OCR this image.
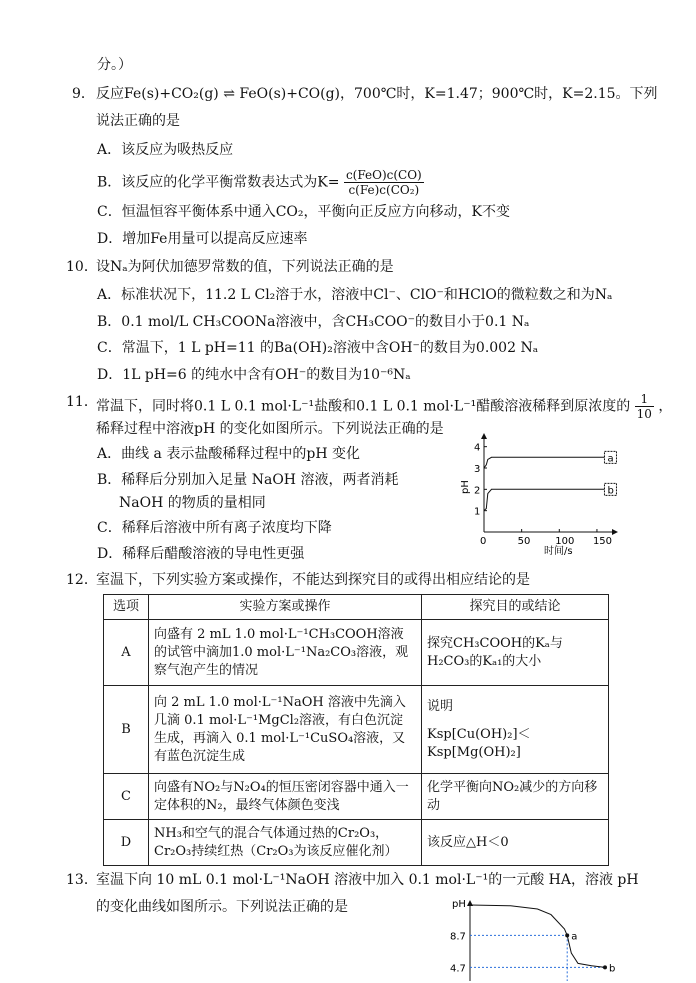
分。）
9． 反应Fe(s)+CO₂(g) ⇌ FeO(s)+CO(g)，700℃时，K=1.47；900℃时，K=2.15。下列
说法正确的是
A．该反应为吸热反应
B．该反应的化学平衡常数表达式为$K= \frac{\text{c(FeO)c(CO)}}{\text{c(Fe)c(CO₂)}}$
C．恒温恒容平衡体系中通入CO₂，平衡向正反应方向移动，K不变
D．增加Fe用量可以提高反应速率
10．
设Nₐ为阿伏加德罗常数的值，下列说法正确的是
A．标准状况下，11.2 L Cl₂溶于水，溶液中Cl⁻、ClO⁻和HClO的微粒数之和为Nₐ
B．0.1 mol/L CH₃COONa溶液中，含CH₃COO⁻的数目小于0.1 Nₐ
C．常温下，1 L pH=11 的Ba(OH)₂溶液中含OH⁻的数目为0.002 Nₐ
D．1L pH=6 的纯水中含有OH⁻的数目为10⁻⁶Nₐ
11．
常温下，同时将0.1 L 0.1 mol·L⁻¹盐酸和0.1 L 0.1 mol·L⁻¹醋酸溶液稀释到原浓度的 $\frac{1}{10}$ ，
稀释过程中溶液pH 的变化如图所示。下列说法正确的是
A．曲线 a 表示盐酸稀释过程中的pH 变化
B．稀释后分别加入足量 NaOH 溶液，两者消耗
NaOH 的物质的量相同
C．稀释后溶液中所有离子浓度均下降
D．稀释后醋酸溶液的导电性更强
pH
时间/s
0	50 100 150
1
2
3
4
a
b
12．
室温下，下列实验方案或操作，不能达到探究目的或得出相应结论的是
选项	实验方案或操作	探究目的或结论
A	向盛有 2 mL 1.0 mol·L⁻¹CH₃COOH溶液的试管中滴加1.0 mol·L⁻¹Na₂CO₃溶液，观察气泡产生的情况	探究CH₃COOH的Kₐ与H₂CO₃的Kₐ₁的大小
B	向 2 mL 1.0 mol·L⁻¹NaOH 溶液中先滴入几滴 0.1 mol·L⁻¹MgCl₂溶液，有白色沉淀生成，再滴入 0.1 mol·L⁻¹CuSO₄溶液，又有蓝色沉淀生成	说明
Ksp[Cu(OH)₂]＜Ksp[Mg(OH)₂]

C	向盛有NO₂与N₂O₄的恒压密闭容器中通入一定体积的N₂，最终气体颜色变浅	化学平衡向NO₂减少的方向移动
D	NH₃和空气的混合气体通过热的Cr₂O₃，Cr₂O₃持续红热（Cr₂O₃为该反应催化剂）	该反应△H＜0
13．
室温下向 10 mL 0.1 mol·L⁻¹NaOH 溶液中加入 0.1 mol·L⁻¹的一元酸 HA，溶液 pH
的变化曲线如图所示。下列说法正确的是	pH
8.7
4.7
a
b
